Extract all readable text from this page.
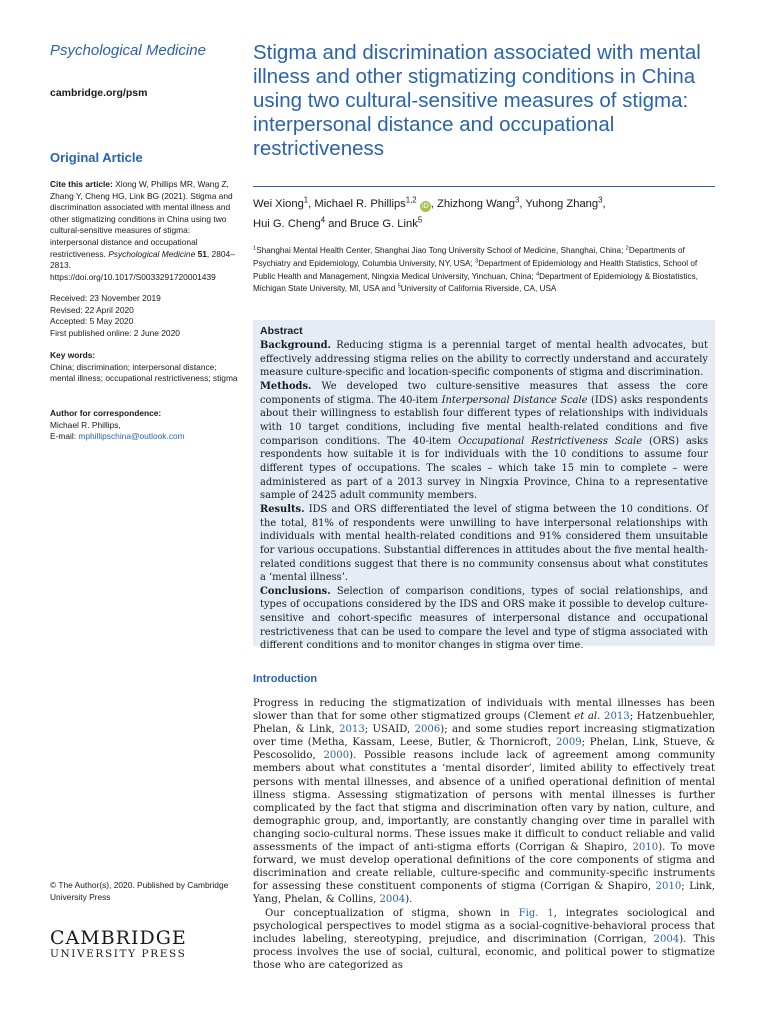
Psychological Medicine
cambridge.org/psm
Original Article
Cite this article: Xiong W, Phillips MR, Wang Z, Zhang Y, Cheng HG, Link BG (2021). Stigma and discrimination associated with mental illness and other stigmatizing conditions in China using two cultural-sensitive measures of stigma: interpersonal distance and occupational restrictiveness. Psychological Medicine 51, 2804–2813. https://doi.org/10.1017/S0033291720001439
Received: 23 November 2019
Revised: 22 April 2020
Accepted: 5 May 2020
First published online: 2 June 2020
Key words:
China; discrimination; interpersonal distance; mental illness; occupational restrictiveness; stigma
Author for correspondence:
Michael R. Phillips,
E-mail: mphillipschina@outlook.com
© The Author(s), 2020. Published by Cambridge University Press
CAMBRIDGE
UNIVERSITY PRESS
Stigma and discrimination associated with mental illness and other stigmatizing conditions in China using two cultural-sensitive measures of stigma: interpersonal distance and occupational restrictiveness
Wei Xiong$^1$, Michael R. Phillips$^{1,2}$ iD , Zhizhong Wang$^3$, Yuhong Zhang$^3$,
Hui G. Cheng$^4$ and Bruce G. Link$^5$
$^1$Shanghai Mental Health Center, Shanghai Jiao Tong University School of Medicine, Shanghai, China; $^2$Departments of Psychiatry and Epidemiology, Columbia University, NY, USA; $^3$Department of Epidemiology and Health Statistics, School of Public Health and Management, Ningxia Medical University, Yinchuan, China; $^4$Department of Epidemiology & Biostatistics, Michigan State University, MI, USA and $^5$University of California Riverside, CA, USA
Abstract

Background. Reducing stigma is a perennial target of mental health advocates, but effectively addressing stigma relies on the ability to correctly understand and accurately measure culture-specific and location-specific components of stigma and discrimination.

Methods. We developed two culture-sensitive measures that assess the core components of stigma. The 40-item Interpersonal Distance Scale (IDS) asks respondents about their willingness to establish four different types of relationships with individuals with 10 target conditions, including five mental health-related conditions and five comparison conditions. The 40-item Occupational Restrictiveness Scale (ORS) asks respondents how suitable it is for individuals with the 10 conditions to assume four different types of occupations. The scales – which take 15 min to complete – were administered as part of a 2013 survey in Ningxia Province, China to a representative sample of 2425 adult community members.

Results. IDS and ORS differentiated the level of stigma between the 10 conditions. Of the total, 81% of respondents were unwilling to have interpersonal relationships with individuals with mental health-related conditions and 91% considered them unsuitable for various occupations. Substantial differences in attitudes about the five mental health-related conditions suggest that there is no community consensus about what constitutes a ‘mental illness’.

Conclusions. Selection of comparison conditions, types of social relationships, and types of occupations considered by the IDS and ORS make it possible to develop culture-sensitive and cohort-specific measures of interpersonal distance and occupational restrictiveness that can be used to compare the level and type of stigma associated with different conditions and to monitor changes in stigma over time.

Introduction

Progress in reducing the stigmatization of individuals with mental illnesses has been slower than that for some other stigmatized groups (Clement et al. 2013; Hatzenbuehler, Phelan, & Link, 2013; USAID, 2006); and some studies report increasing stigmatization over time (Metha, Kassam, Leese, Butler, & Thornicroft, 2009; Phelan, Link, Stueve, & Pescosolido, 2000). Possible reasons include lack of agreement among community members about what constitutes a ‘mental disorder’, limited ability to effectively treat persons with mental illnesses, and absence of a unified operational definition of mental illness stigma. Assessing stigmatization of persons with mental illnesses is further complicated by the fact that stigma and discrimination often vary by nation, culture, and demographic group, and, importantly, are constantly changing over time in parallel with changing socio-cultural norms. These issues make it difficult to conduct reliable and valid assessments of the impact of anti-stigma efforts (Corrigan & Shapiro, 2010). To move forward, we must develop operational definitions of the core components of stigma and discrimination and create reliable, culture-specific and community-specific instruments for assessing these constituent components of stigma (Corrigan & Shapiro, 2010; Link, Yang, Phelan, & Collins, 2004).

Our conceptualization of stigma, shown in Fig. 1, integrates sociological and psychological perspectives to model stigma as a social-cognitive-behavioral process that includes labeling, stereotyping, prejudice, and discrimination (Corrigan, 2004). This process involves the use of social, cultural, economic, and political power to stigmatize those who are categorized as
